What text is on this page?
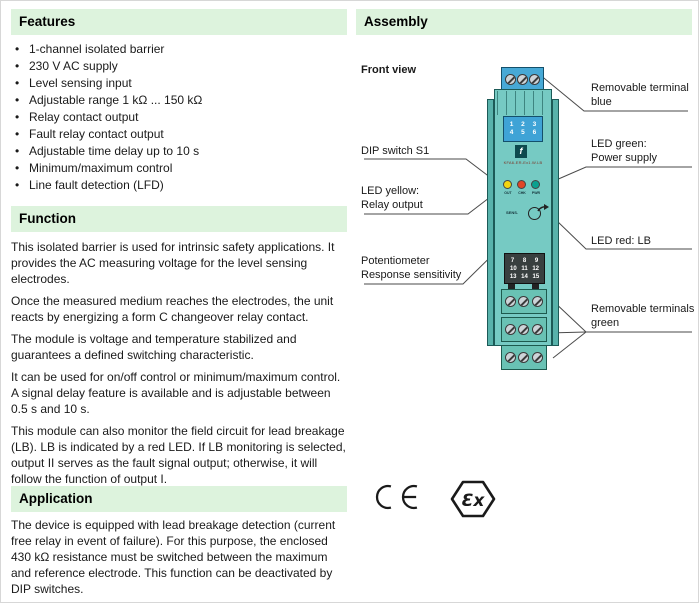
Features
• 1-channel isolated barrier
• 230 V AC supply
• Level sensing input
• Adjustable range 1 kΩ ... 150 kΩ
• Relay contact output
• Fault relay contact output
• Adjustable time delay up to 10 s
• Minimum/maximum control
• Line fault detection (LFD)
Function

This isolated barrier is used for intrinsic safety applications. It provides the AC measuring voltage for the level sensing electrodes.

Once the measured medium reaches the electrodes, the unit reacts by energizing a form C changeover relay contact.

The module is voltage and temperature stabilized and guarantees a defined switching characteristic.

It can be used for on/off control or minimum/maximum control. A signal delay feature is available and is adjustable between 0.5 s and 10 s.

This module can also monitor the field circuit for lead breakage (LB). LB is indicated by a red LED. If LB monitoring is selected, output II serves as the fault signal output; otherwise, it will follow the function of output I.

Application

The device is equipped with lead breakage detection (current free relay in event of failure). For this purpose, the enclosed 430 kΩ resistance must be switched between the maximum and reference electrode. This function can be deactivated by DIP switches.

Assembly
Front view
DIP switch S1
LED yellow:
Relay output
Potentiometer
Response sensitivity
Removable terminal
blue
LED green:
Power supply
LED red: LB
Removable terminals
green
1 2 3
4 5 6
f
KFA6-ER-Ex1.W.LB
OUT	CHK	PWR
SENS.
7 8 9
10 11 12
13 14 15
Ɛx
